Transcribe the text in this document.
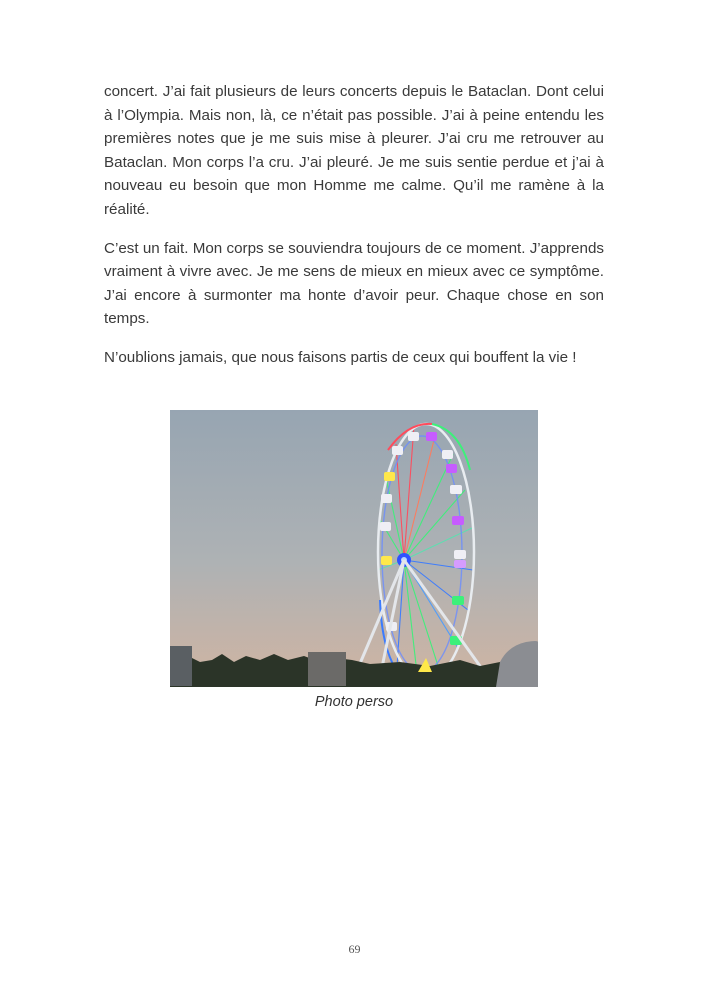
concert. J’ai fait plusieurs de leurs concerts depuis le Bataclan. Dont celui à l’Olympia. Mais non, là, ce n’était pas possible. J’ai à peine entendu les premières notes que je me suis mise à pleurer. J’ai cru me retrouver au Bataclan. Mon corps l’a cru. J’ai pleuré. Je me suis sentie perdue et j’ai à nouveau eu besoin que mon Homme me calme. Qu’il me ramène à la réalité.

C’est un fait. Mon corps se souviendra toujours de ce moment. J’apprends vraiment à vivre avec. Je me sens de mieux en mieux avec ce symptôme. J’ai encore à surmonter ma honte d’avoir peur. Chaque chose en son temps.

N’oublions jamais, que nous faisons partis de ceux qui bouffent la vie !

Photo perso
69
